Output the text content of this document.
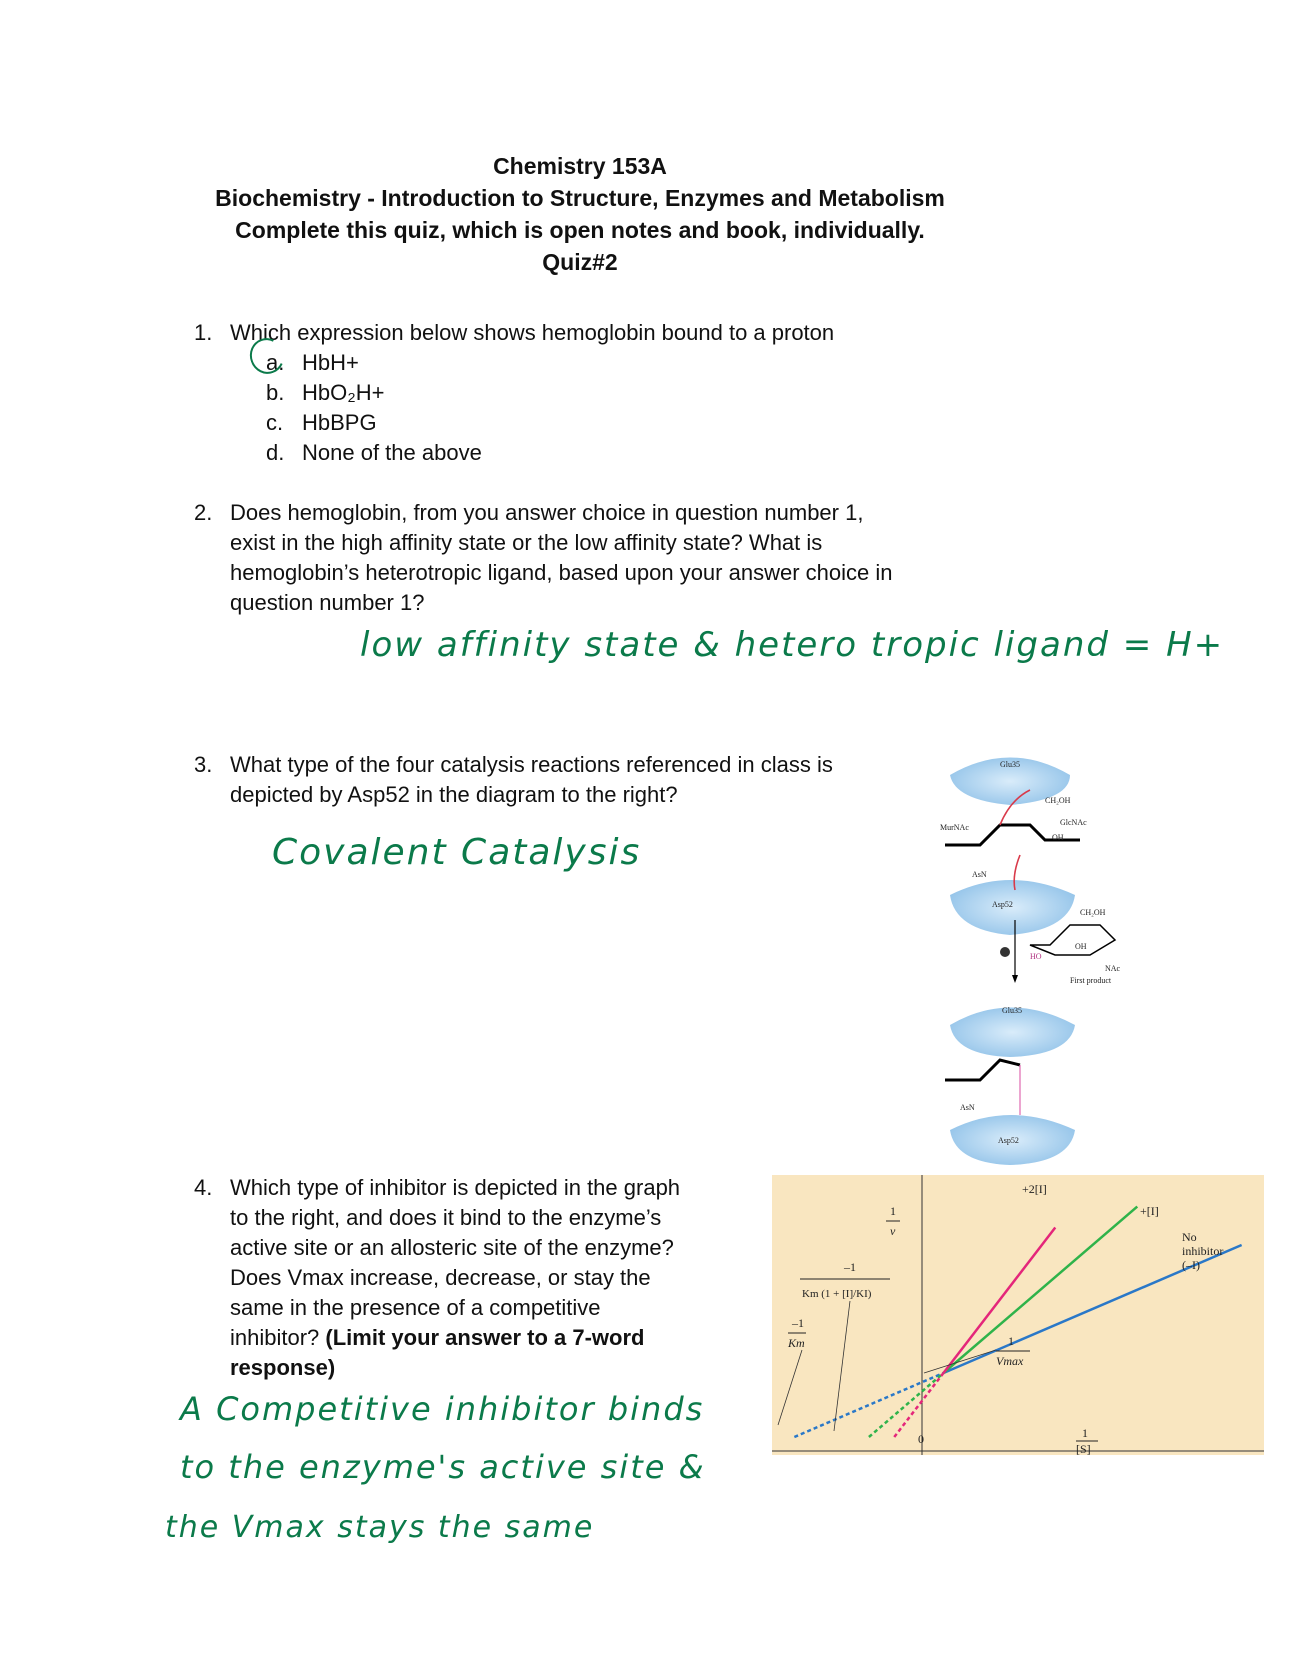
Chemistry 153A
Biochemistry - Introduction to Structure, Enzymes and Metabolism
Complete this quiz, which is open notes and book, individually.
Quiz#2
1. Which expression below shows hemoglobin bound to a proton
a. HbH+
b. HbO₂H+
c. HbBPG
d. None of the above
2. Does hemoglobin, from you answer choice in question number 1,
exist in the high affinity state or the low affinity state? What is
hemoglobin’s heterotropic ligand, based upon your answer choice in
question number 1?
low affinity state & hetero tropic ligand = H+
3. What type of the four catalysis reactions referenced in class is
depicted by Asp52 in the diagram to the right?
Covalent Catalysis
Glu35
CH₂OH
GlcNAc
MurNAc
OH
AsN
Asp52
CH₂OH
HO
OH
NAc
First product
Glu35
AsN
Asp52
4. Which type of inhibitor is depicted in the graph
to the right, and does it bind to the enzyme’s
active site or an allosteric site of the enzyme?
Does Vmax increase, decrease, or stay the
same in the presence of a competitive
inhibitor? (Limit your answer to a 7-word
response)
A Competitive inhibitor binds
to the enzyme's active site &
the Vmax stays the same
1
v
+2[I]
+[I]
No
inhibitor
(–I)
–1
Km (1 + [I]/KI)
–1
Km	1
Vmax
0	1
[S]
